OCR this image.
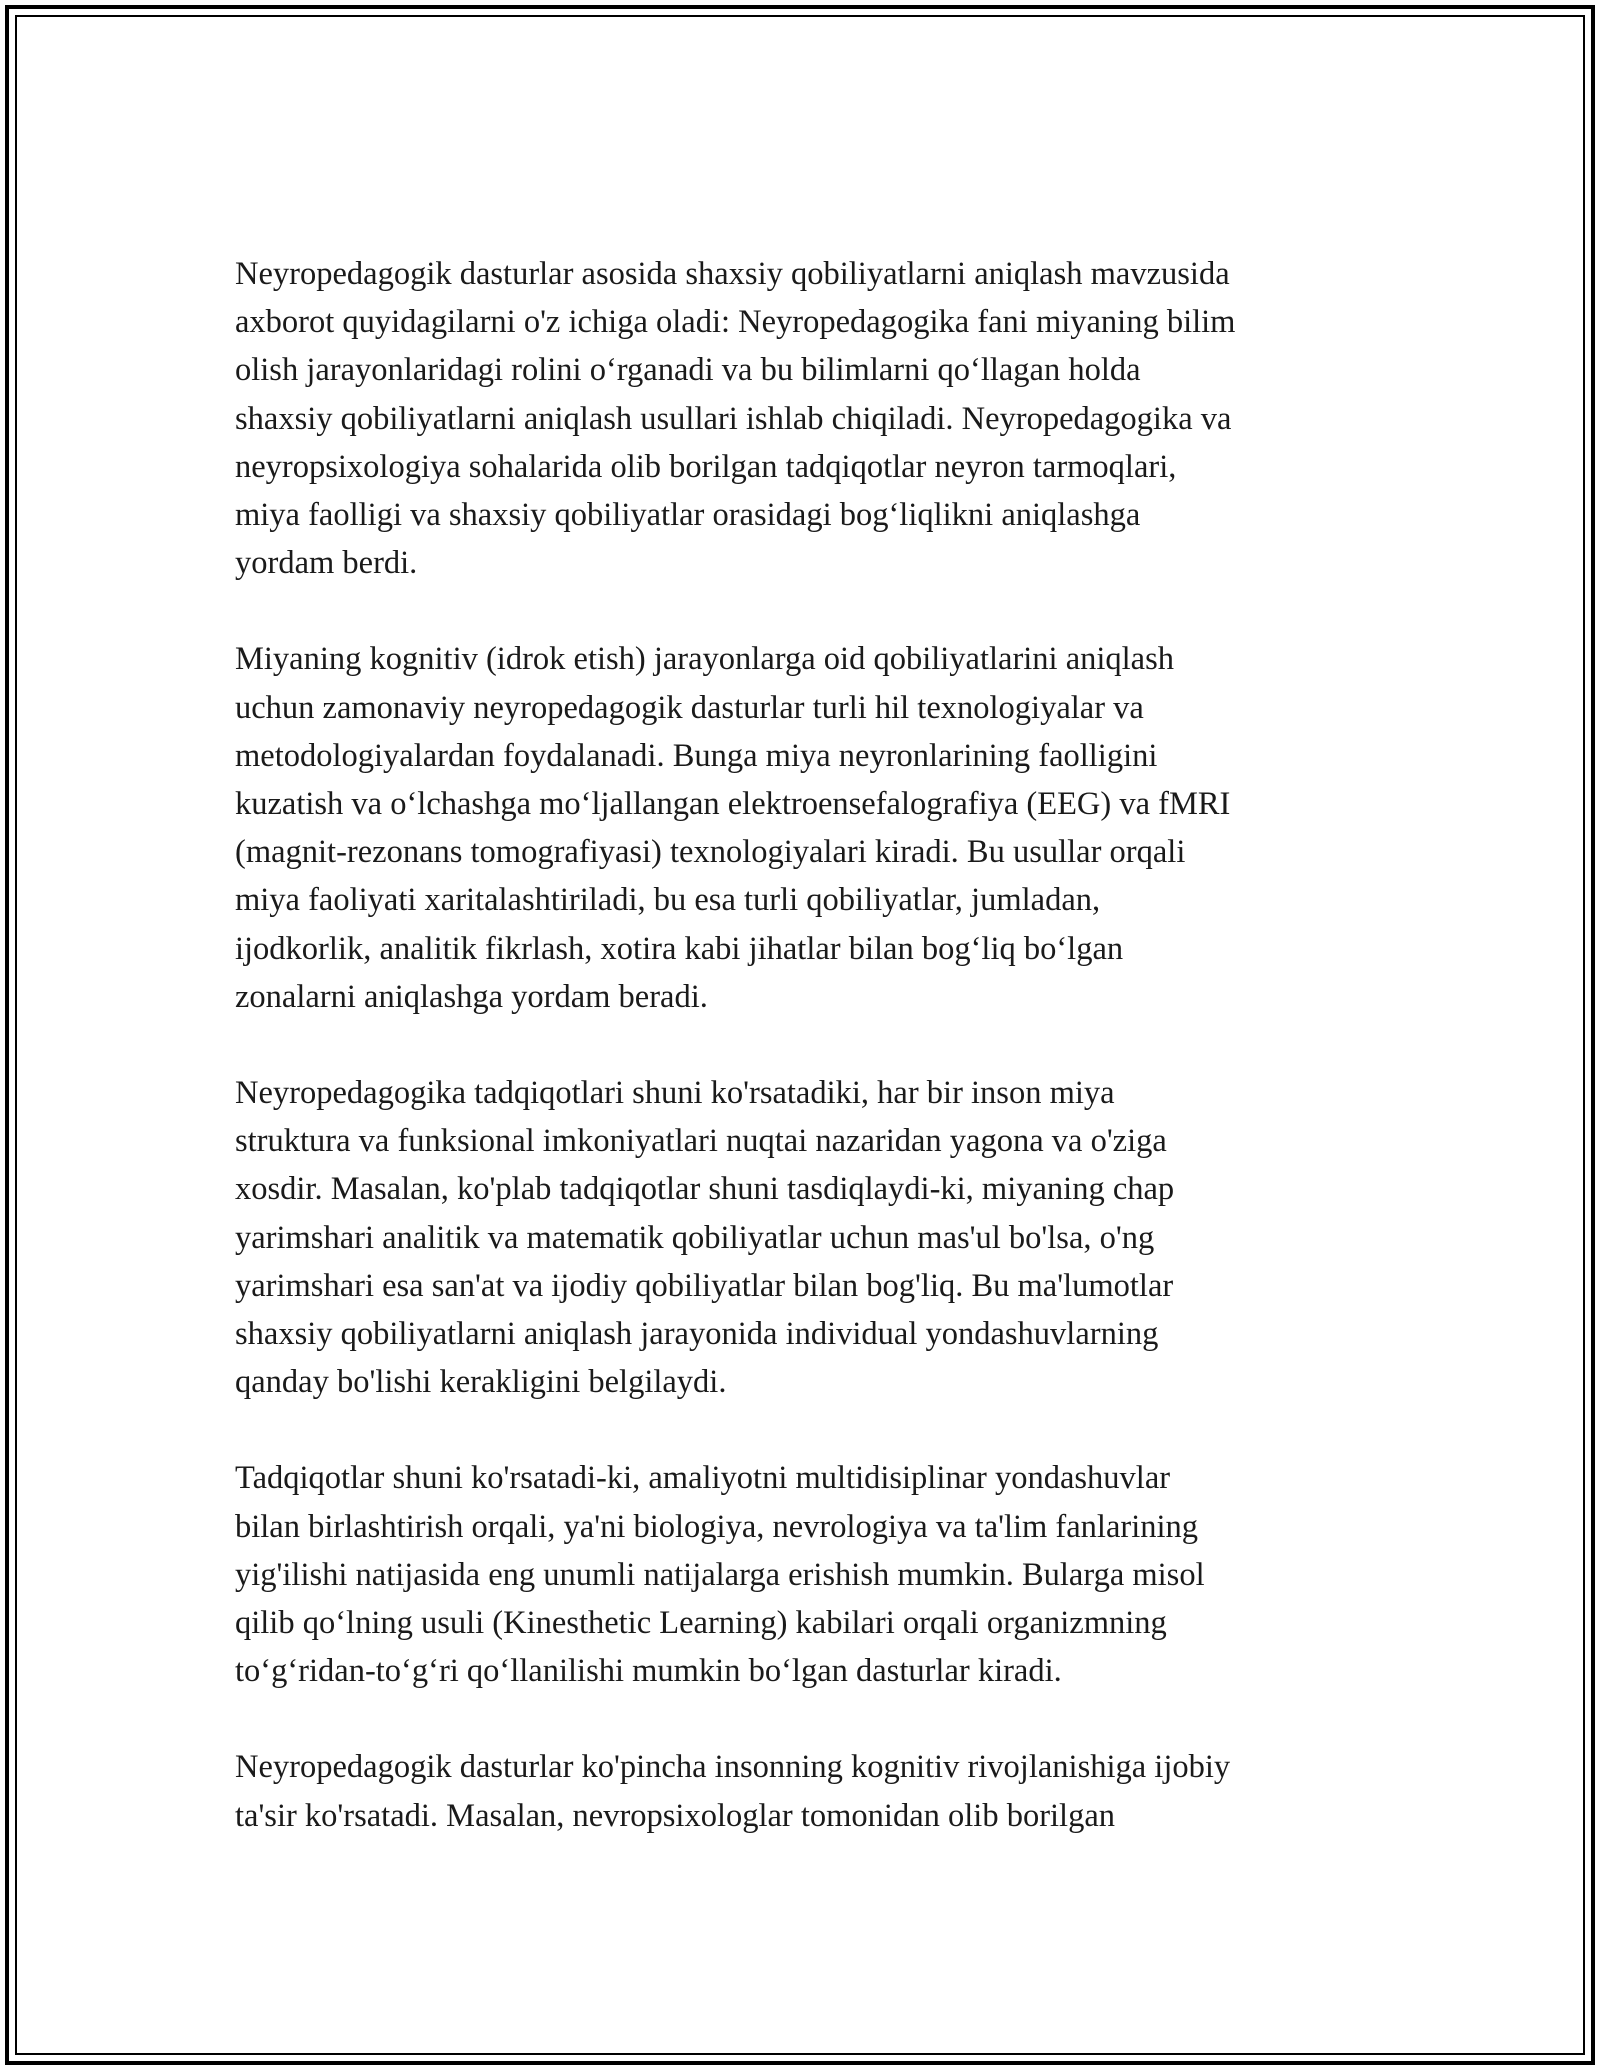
Neyropedagogik dasturlar asosida shaxsiy qobiliyatlarni aniqlash mavzusida
axborot quyidagilarni o'z ichiga oladi: Neyropedagogika fani miyaning bilim
olish jarayonlaridagi rolini o‘rganadi va bu bilimlarni qo‘llagan holda
shaxsiy qobiliyatlarni aniqlash usullari ishlab chiqiladi. Neyropedagogika va
neyropsixologiya sohalarida olib borilgan tadqiqotlar neyron tarmoqlari,
miya faolligi va shaxsiy qobiliyatlar orasidagi bog‘liqlikni aniqlashga
yordam berdi.

Miyaning kognitiv (idrok etish) jarayonlarga oid qobiliyatlarini aniqlash
uchun zamonaviy neyropedagogik dasturlar turli hil texnologiyalar va
metodologiyalardan foydalanadi. Bunga miya neyronlarining faolligini
kuzatish va o‘lchashga mo‘ljallangan elektroensefalografiya (EEG) va fMRI
(magnit-rezonans tomografiyasi) texnologiyalari kiradi. Bu usullar orqali
miya faoliyati xaritalashtiriladi, bu esa turli qobiliyatlar, jumladan,
ijodkorlik, analitik fikrlash, xotira kabi jihatlar bilan bog‘liq bo‘lgan
zonalarni aniqlashga yordam beradi.

Neyropedagogika tadqiqotlari shuni ko'rsatadiki, har bir inson miya
struktura va funksional imkoniyatlari nuqtai nazaridan yagona va o'ziga
xosdir. Masalan, ko'plab tadqiqotlar shuni tasdiqlaydi-ki, miyaning chap
yarimshari analitik va matematik qobiliyatlar uchun mas'ul bo'lsa, o'ng
yarimshari esa san'at va ijodiy qobiliyatlar bilan bog'liq. Bu ma'lumotlar
shaxsiy qobiliyatlarni aniqlash jarayonida individual yondashuvlarning
qanday bo'lishi kerakligini belgilaydi.

Tadqiqotlar shuni ko'rsatadi-ki, amaliyotni multidisiplinar yondashuvlar
bilan birlashtirish orqali, ya'ni biologiya, nevrologiya va ta'lim fanlarining
yig'ilishi natijasida eng unumli natijalarga erishish mumkin. Bularga misol
qilib qo‘lning usuli (Kinesthetic Learning) kabilari orqali organizmning
to‘g‘ridan-to‘g‘ri qo‘llanilishi mumkin bo‘lgan dasturlar kiradi.

Neyropedagogik dasturlar ko'pincha insonning kognitiv rivojlanishiga ijobiy
ta'sir ko'rsatadi. Masalan, nevropsixologlar tomonidan olib borilgan
